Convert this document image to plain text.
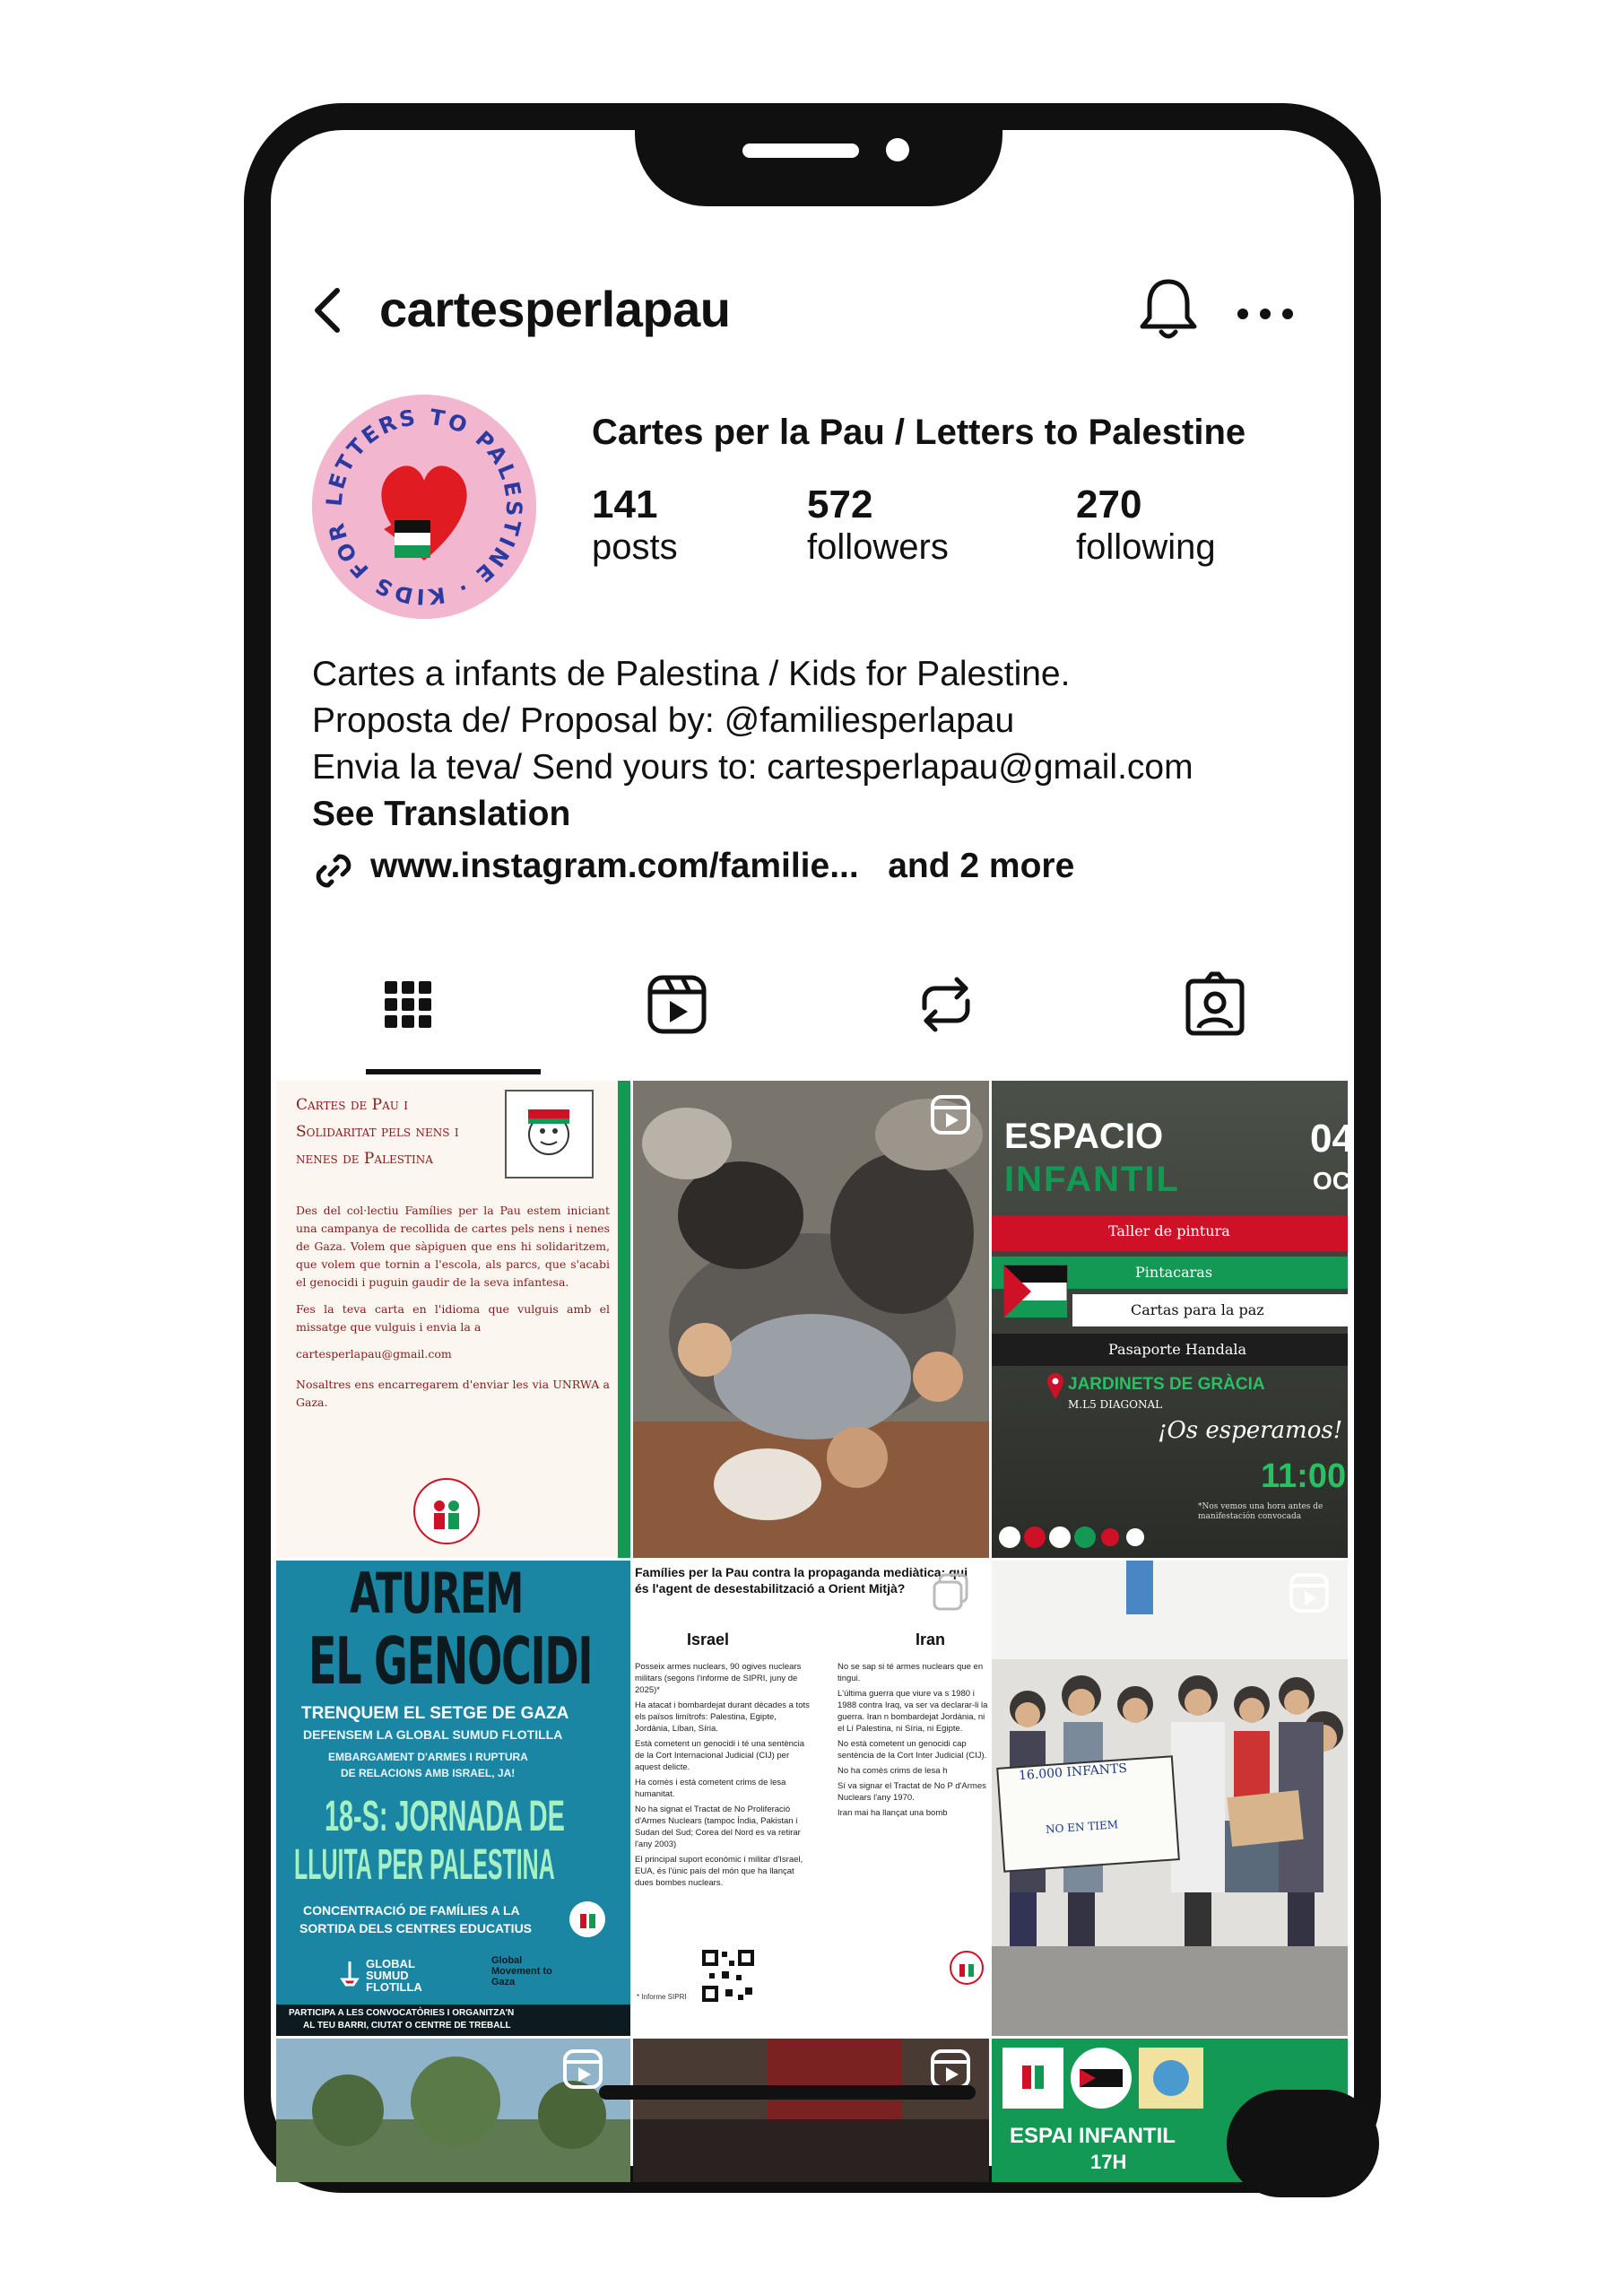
cartesperlapau
LETTERS TO PALESTINE · KIDS FOR
Cartes per la Pau / Letters to Palestine
141
posts
572
followers
270
following
Cartes a infants de Palestina / Kids for Palestine.
Proposta de/ Proposal by: @familiesperlapau
Envia la teva/ Send yours to: cartesperlapau@gmail.com
See Translation
www.instagram.com/familie... and 2 more
Cartes de Pau i
Solidaritat pels nens i
nenes de Palestina
Des del col·lectiu Famílies per la Pau estem iniciant una campanya de recollida de cartes pels nens i nenes de Gaza. Volem que sàpiguen que ens hi solidaritzem, que volem que tornin a l'escola, als parcs, que s'acabi el genocidi i puguin gaudir de la seva infantesa.
Fes la teva carta en l'idioma que vulguis amb el missatge que vulguis i envia la a
cartesperlapau@gmail.com
Nosaltres ens encarregarem d'enviar les via UNRWA a Gaza.
ESPACIO
INFANTIL
04
OC
Taller de pintura
Pintacaras
Cartas para la paz
Pasaporte Handala
JARDINETS DE GRÀCIA
M.L5 DIAGONAL
¡Os esperamos!
11:00
*Nos vemos una hora antes de manifestación convocada
ATUREM
EL GENOCIDI
TRENQUEM EL SETGE DE GAZA
DEFENSEM LA GLOBAL SUMUD FLOTILLA
EMBARGAMENT D'ARMES I RUPTURA
DE RELACIONS AMB ISRAEL, JA!
18-S: JORNADA DE
LLUITA PER PALESTINA
CONCENTRACIÓ DE FAMÍLIES A LA
SORTIDA DELS CENTRES EDUCATIUS
GLOBAL SUMUD FLOTILLA
Global Movement to Gaza
PARTICIPA A LES CONVOCATÒRIES I ORGANITZA'N
AL TEU BARRI, CIUTAT O CENTRE DE TREBALL
Famílies per la Pau contra la propaganda mediàtica: qui és l'agent de desestabilització a Orient Mitjà?
Israel	Iran
Posseix armes nuclears, 90 ogives nuclears militars (segons l'informe de SIPRI, juny de 2025)*
Ha atacat i bombardejat durant dècades a tots els països limítrofs: Palestina, Egipte, Jordània, Líban, Síria.
Està cometent un genocidi i té una sentència de la Cort Internacional Judicial (CIJ) per aquest delicte.
Ha comès i està cometent crims de lesa humanitat.
No ha signat el Tractat de No Proliferació d'Armes Nuclears (tampoc Índia, Pakistan i Sudan del Sud; Corea del Nord es va retirar l'any 2003)
El principal suport econòmic i militar d'Israel, EUA, és l'únic país del món que ha llançat dues bombes nuclears.
No se sap si té armes nuclears que en tingui.
L'última guerra que viure va s 1980 i 1988 contra Iraq, va ser va declarar-li la guerra. Iran n bombardejat Jordània, ni el Lí Palestina, ni Síria, ni Egipte.
No està cometent un genocidi cap sentència de la Cort Inter Judicial (CIJ).
No ha comès crims de lesa h
Sí va signar el Tractat de No P d'Armes Nuclears l'any 1970.
Iran mai ha llançat una bomb
* Informe SIPRI
16.000 INFANTS
NO EN TIEM
ESPAI INFANTIL
17H
